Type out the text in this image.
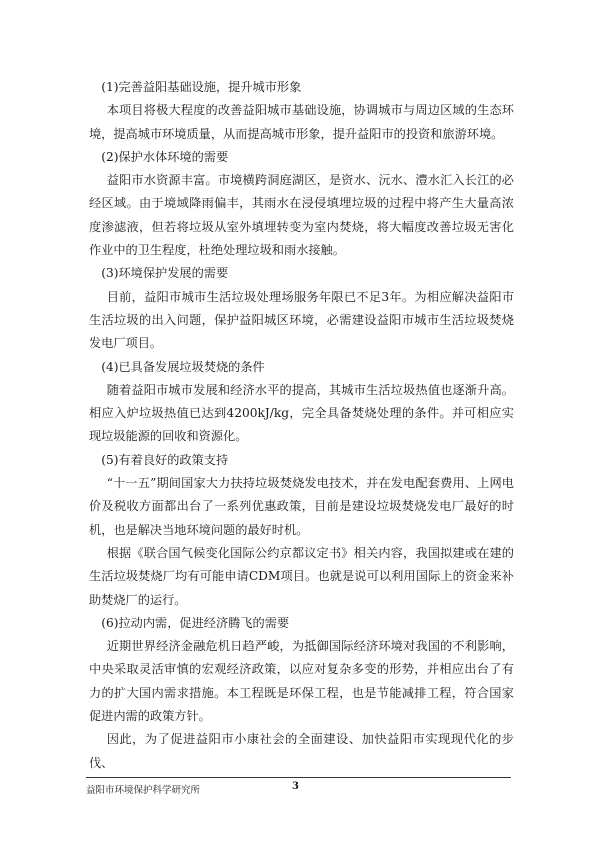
(1)完善益阳基础设施，提升城市形象

本项目将极大程度的改善益阳城市基础设施，协调城市与周边区域的生态环境，提高城市环境质量，从而提高城市形象，提升益阳市的投资和旅游环境。

(2)保护水体环境的需要

益阳市水资源丰富。市境横跨洞庭湖区，是资水、沅水、澧水汇入长江的必经区域。由于境域降雨偏丰，其雨水在浸侵填埋垃圾的过程中将产生大量高浓度渗滤液，但若将垃圾从室外填埋转变为室内焚烧，将大幅度改善垃圾无害化作业中的卫生程度，杜绝处理垃圾和雨水接触。

(3)环境保护发展的需要

目前，益阳市城市生活垃圾处理场服务年限已不足3年。为相应解决益阳市生活垃圾的出入问题，保护益阳城区环境，必需建设益阳市城市生活垃圾焚烧发电厂项目。

(4)已具备发展垃圾焚烧的条件

随着益阳市城市发展和经济水平的提高，其城市生活垃圾热值也逐渐升高。相应入炉垃圾热值已达到4200kJ/kg，完全具备焚烧处理的条件。并可相应实现垃圾能源的回收和资源化。

(5)有着良好的政策支持

“十一五”期间国家大力扶持垃圾焚烧发电技术，并在发电配套费用、上网电价及税收方面都出台了一系列优惠政策，目前是建设垃圾焚烧发电厂最好的时机，也是解决当地环境问题的最好时机。

根据《联合国气候变化国际公约京都议定书》相关内容，我国拟建或在建的生活垃圾焚烧厂均有可能申请CDM项目。也就是说可以利用国际上的资金来补助焚烧厂的运行。

(6)拉动内需，促进经济腾飞的需要

近期世界经济金融危机日趋严峻，为抵御国际经济环境对我国的不利影响，中央采取灵活审慎的宏观经济政策，以应对复杂多变的形势，并相应出台了有力的扩大国内需求措施。本工程既是环保工程，也是节能减排工程，符合国家促进内需的政策方针。

因此，为了促进益阳市小康社会的全面建设、加快益阳市实现现代化的步伐、

益阳市环境保护科学研究所	3
